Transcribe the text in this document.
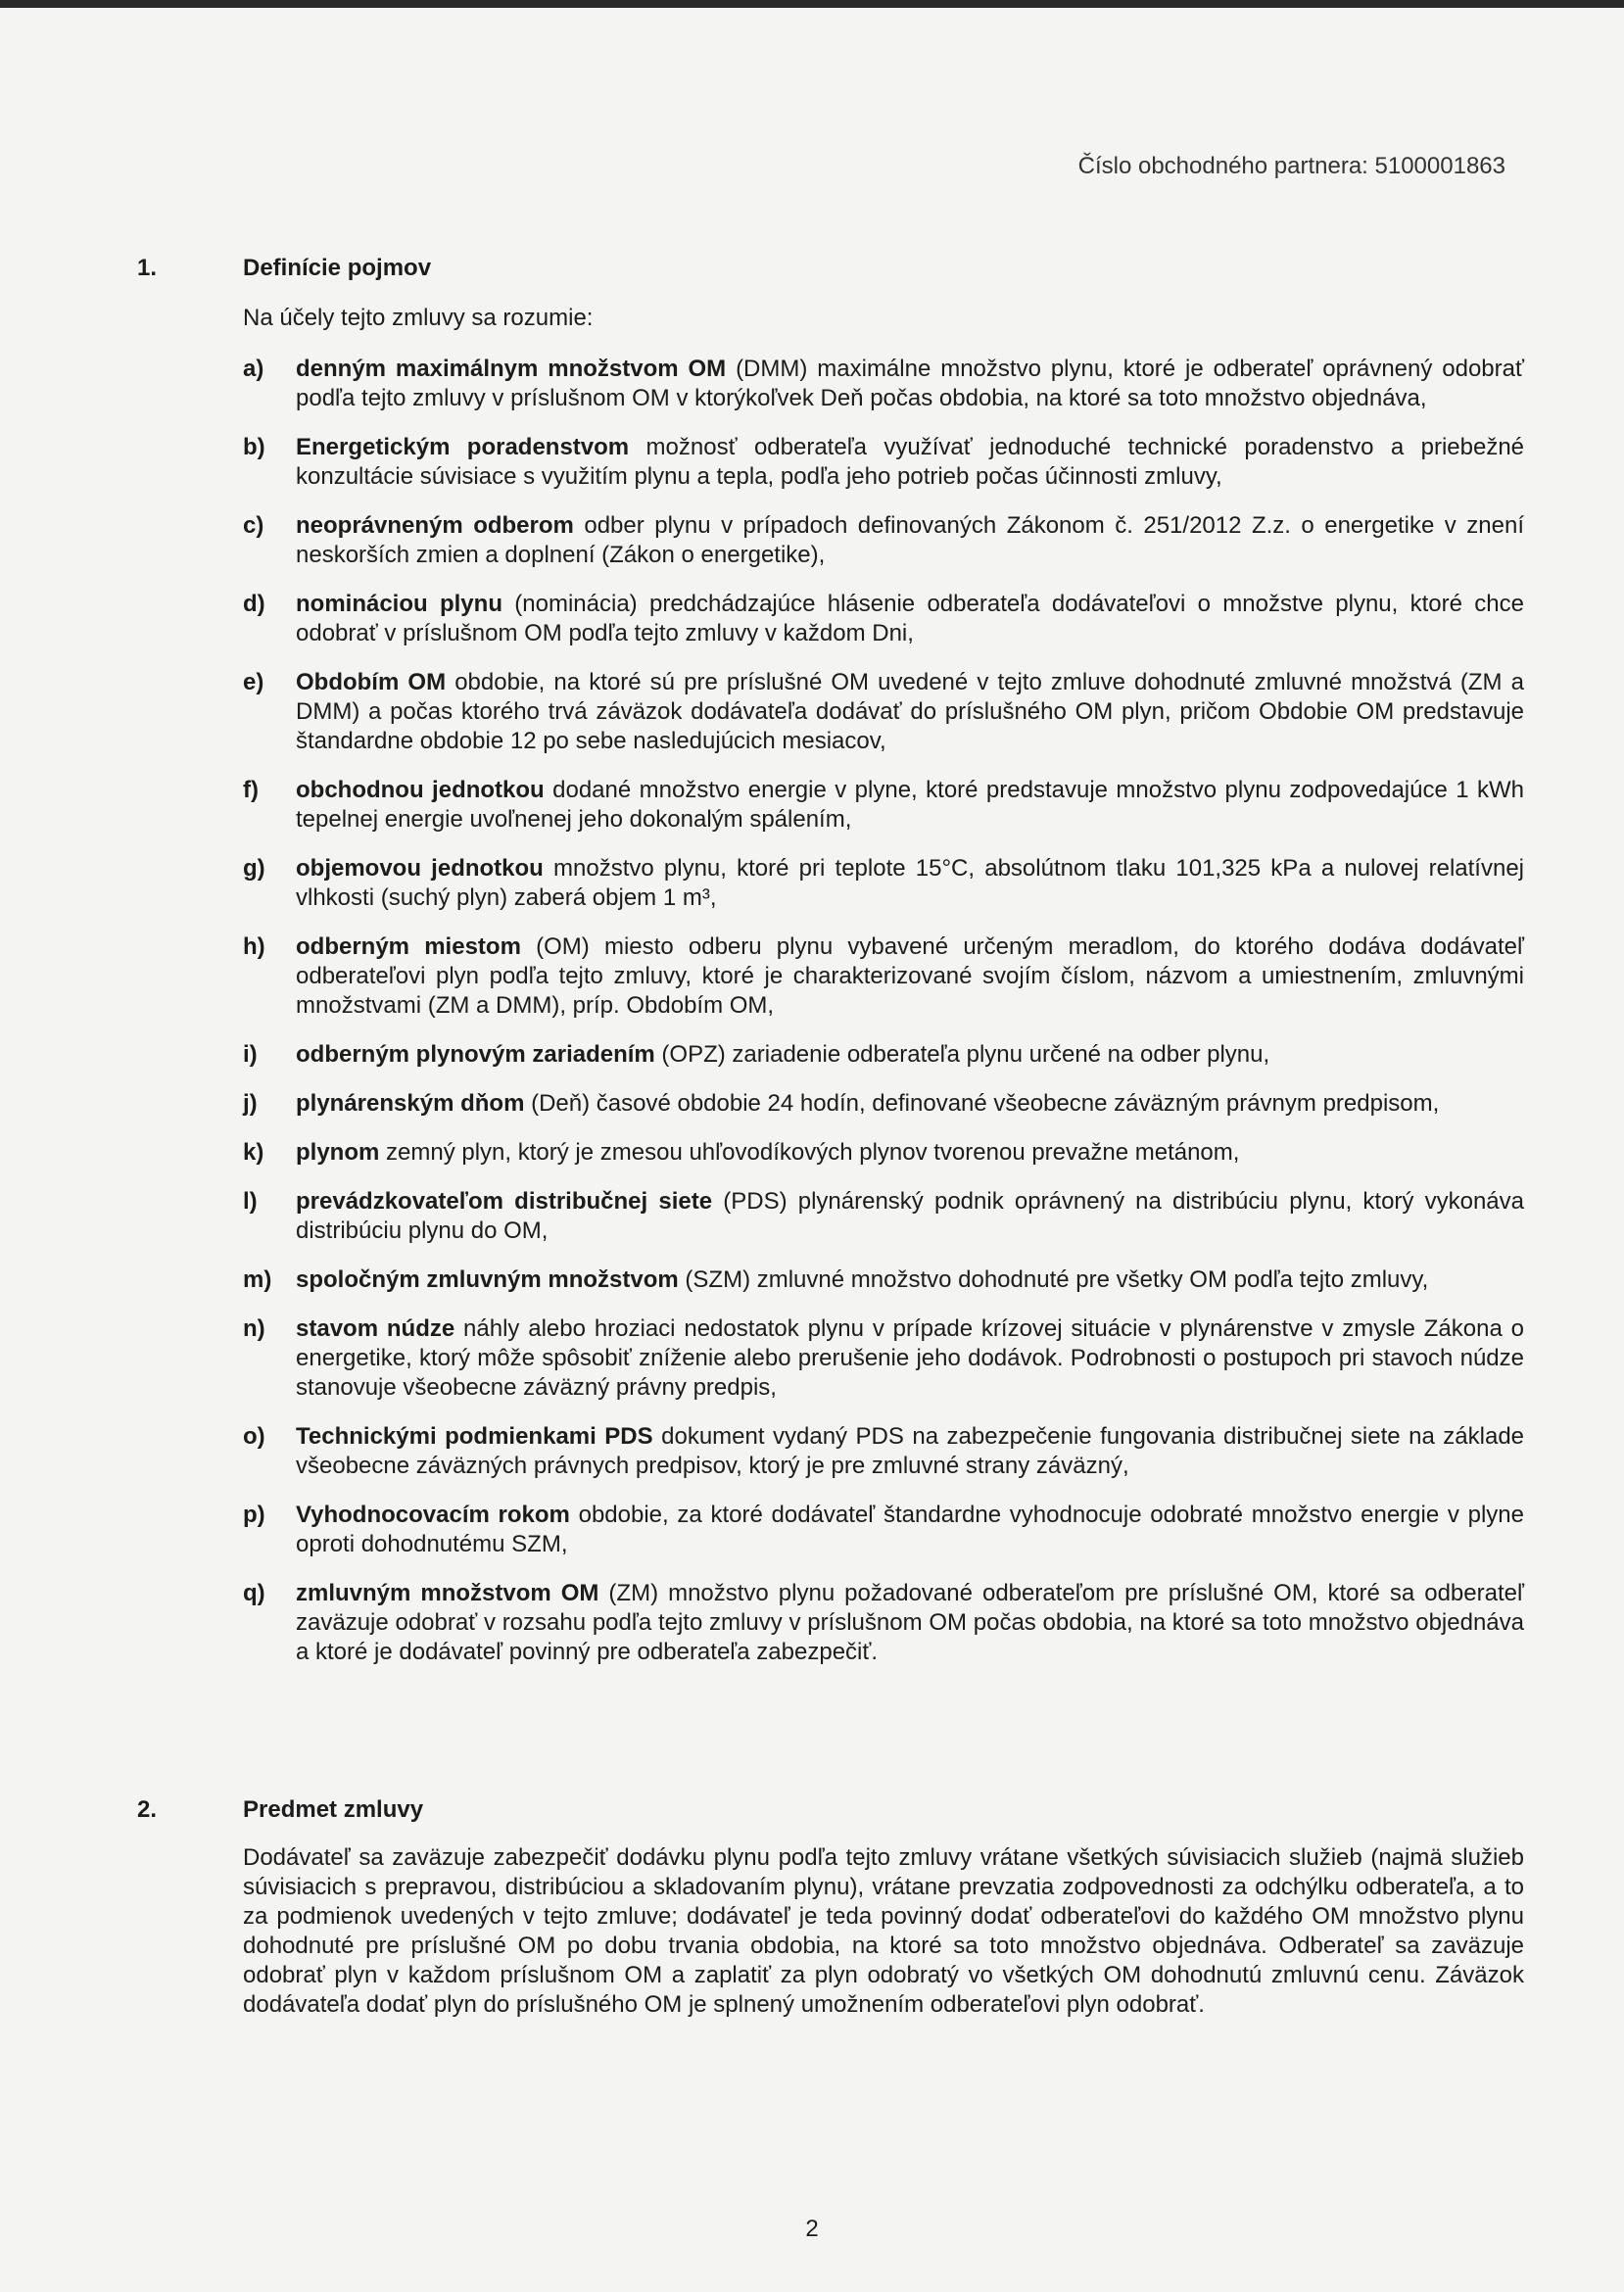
Číslo obchodného partnera: 5100001863
1.	Definície pojmov
Na účely tejto zmluvy sa rozumie:
a)	denným maximálnym množstvom OM (DMM) maximálne množstvo plynu, ktoré je odberateľ oprávnený odobrať podľa tejto zmluvy v príslušnom OM v ktorýkoľvek Deň počas obdobia, na ktoré sa toto množstvo objednáva,
b)	Energetickým poradenstvom možnosť odberateľa využívať jednoduché technické poradenstvo a priebežné konzultácie súvisiace s využitím plynu a tepla, podľa jeho potrieb počas účinnosti zmluvy,
c)	neoprávneným odberom odber plynu v prípadoch definovaných Zákonom č. 251/2012 Z.z. o energetike v znení neskorších zmien a doplnení (Zákon o energetike),
d)	nomináciou plynu (nominácia) predchádzajúce hlásenie odberateľa dodávateľovi o množstve plynu, ktoré chce odobrať v príslušnom OM podľa tejto zmluvy v každom Dni,
e)	Obdobím OM obdobie, na ktoré sú pre príslušné OM uvedené v tejto zmluve dohodnuté zmluvné množstvá (ZM a DMM) a počas ktorého trvá záväzok dodávateľa dodávať do príslušného OM plyn, pričom Obdobie OM predstavuje štandardne obdobie 12 po sebe nasledujúcich mesiacov,
f)	obchodnou jednotkou dodané množstvo energie v plyne, ktoré predstavuje množstvo plynu zodpovedajúce 1 kWh tepelnej energie uvoľnenej jeho dokonalým spálením,
g)	objemovou jednotkou množstvo plynu, ktoré pri teplote 15°C, absolútnom tlaku 101,325 kPa a nulovej relatívnej vlhkosti (suchý plyn) zaberá objem 1 m³,
h)	odberným miestom (OM) miesto odberu plynu vybavené určeným meradlom, do ktorého dodáva dodávateľ odberateľovi plyn podľa tejto zmluvy, ktoré je charakterizované svojím číslom, názvom a umiestnením, zmluvnými množstvami (ZM a DMM), príp. Obdobím OM,
i)	odberným plynovým zariadením (OPZ) zariadenie odberateľa plynu určené na odber plynu,
j)	plynárenským dňom (Deň) časové obdobie 24 hodín, definované všeobecne záväzným právnym predpisom,
k)	plynom zemný plyn, ktorý je zmesou uhľovodíkových plynov tvorenou prevažne metánom,
l)	prevádzkovateľom distribučnej siete (PDS) plynárenský podnik oprávnený na distribúciu plynu, ktorý vykonáva distribúciu plynu do OM,
m)	spoločným zmluvným množstvom (SZM) zmluvné množstvo dohodnuté pre všetky OM podľa tejto zmluvy,
n)	stavom núdze náhly alebo hroziaci nedostatok plynu v prípade krízovej situácie v plynárenstve v zmysle Zákona o energetike, ktorý môže spôsobiť zníženie alebo prerušenie jeho dodávok. Podrobnosti o postupoch pri stavoch núdze stanovuje všeobecne záväzný právny predpis,
o)	Technickými podmienkami PDS dokument vydaný PDS na zabezpečenie fungovania distribučnej siete na základe všeobecne záväzných právnych predpisov, ktorý je pre zmluvné strany záväzný,
p)	Vyhodnocovacím rokom obdobie, za ktoré dodávateľ štandardne vyhodnocuje odobraté množstvo energie v plyne oproti dohodnutému SZM,
q)	zmluvným množstvom OM (ZM) množstvo plynu požadované odberateľom pre príslušné OM, ktoré sa odberateľ zaväzuje odobrať v rozsahu podľa tejto zmluvy v príslušnom OM počas obdobia, na ktoré sa toto množstvo objednáva a ktoré je dodávateľ povinný pre odberateľa zabezpečiť.
2.	Predmet zmluvy
Dodávateľ sa zaväzuje zabezpečiť dodávku plynu podľa tejto zmluvy vrátane všetkých súvisiacich služieb (najmä služieb súvisiacich s prepravou, distribúciou a skladovaním plynu), vrátane prevzatia zodpovednosti za odchýlku odberateľa, a to za podmienok uvedených v tejto zmluve; dodávateľ je teda povinný dodať odberateľovi do každého OM množstvo plynu dohodnuté pre príslušné OM po dobu trvania obdobia, na ktoré sa toto množstvo objednáva. Odberateľ sa zaväzuje odobrať plyn v každom príslušnom OM a zaplatiť za plyn odobratý vo všetkých OM dohodnutú zmluvnú cenu. Záväzok dodávateľa dodať plyn do príslušného OM je splnený umožnením odberateľovi plyn odobrať.
2
